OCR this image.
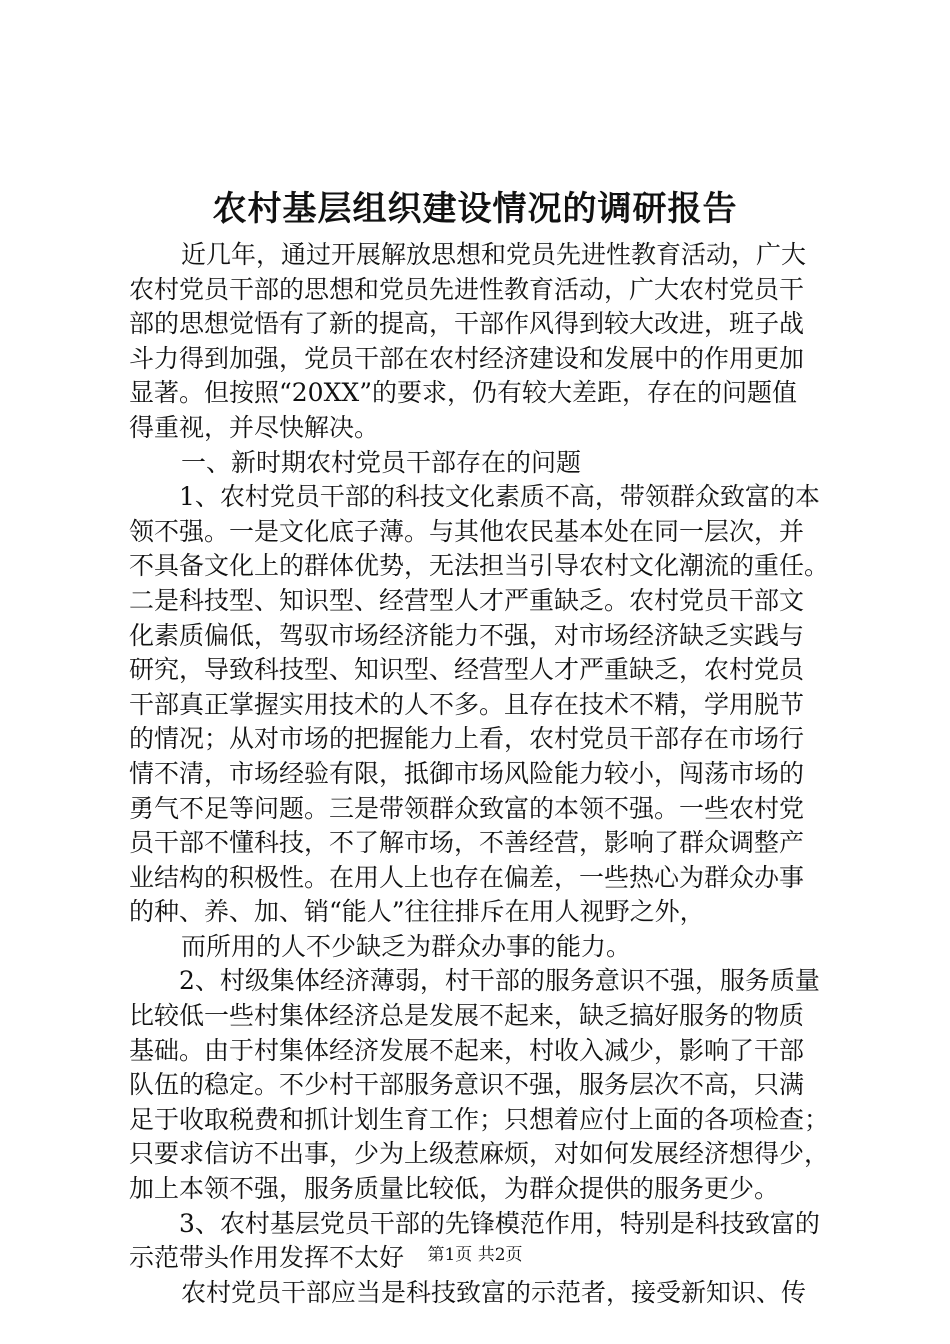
农村基层组织建设情况的调研报告

近几年，通过开展解放思想和党员先进性教育活动，广大

农村党员干部的思想和党员先进性教育活动，广大农村党员干

部的思想觉悟有了新的提高，干部作风得到较大改进，班子战

斗力得到加强，党员干部在农村经济建设和发展中的作用更加

显著。但按照“20XX”的要求，仍有较大差距，存在的问题值

得重视，并尽快解决。

一、新时期农村党员干部存在的问题

1、农村党员干部的科技文化素质不高，带领群众致富的本

领不强。一是文化底子薄。与其他农民基本处在同一层次，并

不具备文化上的群体优势，无法担当引导农村文化潮流的重任。

二是科技型、知识型、经营型人才严重缺乏。农村党员干部文

化素质偏低，驾驭市场经济能力不强，对市场经济缺乏实践与

研究，导致科技型、知识型、经营型人才严重缺乏，农村党员

干部真正掌握实用技术的人不多。且存在技术不精，学用脱节

的情况；从对市场的把握能力上看，农村党员干部存在市场行

情不清，市场经验有限，抵御市场风险能力较小，闯荡市场的

勇气不足等问题。三是带领群众致富的本领不强。一些农村党

员干部不懂科技，不了解市场，不善经营，影响了群众调整产

业结构的积极性。在用人上也存在偏差，一些热心为群众办事

的种、养、加、销“能人”往往排斥在用人视野之外，

而所用的人不少缺乏为群众办事的能力。

2、村级集体经济薄弱，村干部的服务意识不强，服务质量

比较低一些村集体经济总是发展不起来，缺乏搞好服务的物质

基础。由于村集体经济发展不起来，村收入减少，影响了干部

队伍的稳定。不少村干部服务意识不强，服务层次不高，只满

足于收取税费和抓计划生育工作；只想着应付上面的各项检查；

只要求信访不出事，少为上级惹麻烦，对如何发展经济想得少，

加上本领不强，服务质量比较低，为群众提供的服务更少。

3、农村基层党员干部的先锋模范作用，特别是科技致富的

示范带头作用发挥不太好

农村党员干部应当是科技致富的示范者，接受新知识、传

第1页 共2页
